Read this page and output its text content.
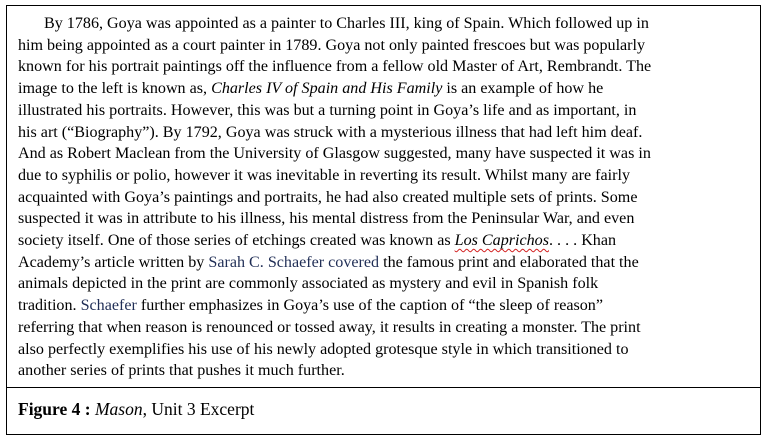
By 1786, Goya was appointed as a painter to Charles III, king of Spain. Which followed up in
him being appointed as a court painter in 1789. Goya not only painted frescoes but was popularly
known for his portrait paintings off the influence from a fellow old Master of Art, Rembrandt. The
image to the left is known as, Charles IV of Spain and His Family is an example of how he
illustrated his portraits. However, this was but a turning point in Goya’s life and as important, in
his art (“Biography”). By 1792, Goya was struck with a mysterious illness that had left him deaf.
And as Robert Maclean from the University of Glasgow suggested, many have suspected it was in
due to syphilis or polio, however it was inevitable in reverting its result. Whilst many are fairly
acquainted with Goya’s paintings and portraits, he had also created multiple sets of prints. Some
suspected it was in attribute to his illness, his mental distress from the Peninsular War, and even
society itself. One of those series of etchings created was known as Los Caprichos. . . . Khan
Academy’s article written by Sarah C. Schaefer covered the famous print and elaborated that the
animals depicted in the print are commonly associated as mystery and evil in Spanish folk
tradition. Schaefer further emphasizes in Goya’s use of the caption of “the sleep of reason”
referring that when reason is renounced or tossed away, it results in creating a monster. The print
also perfectly exemplifies his use of his newly adopted grotesque style in which transitioned to
another series of prints that pushes it much further.
Figure 4 : Mason, Unit 3 Excerpt
